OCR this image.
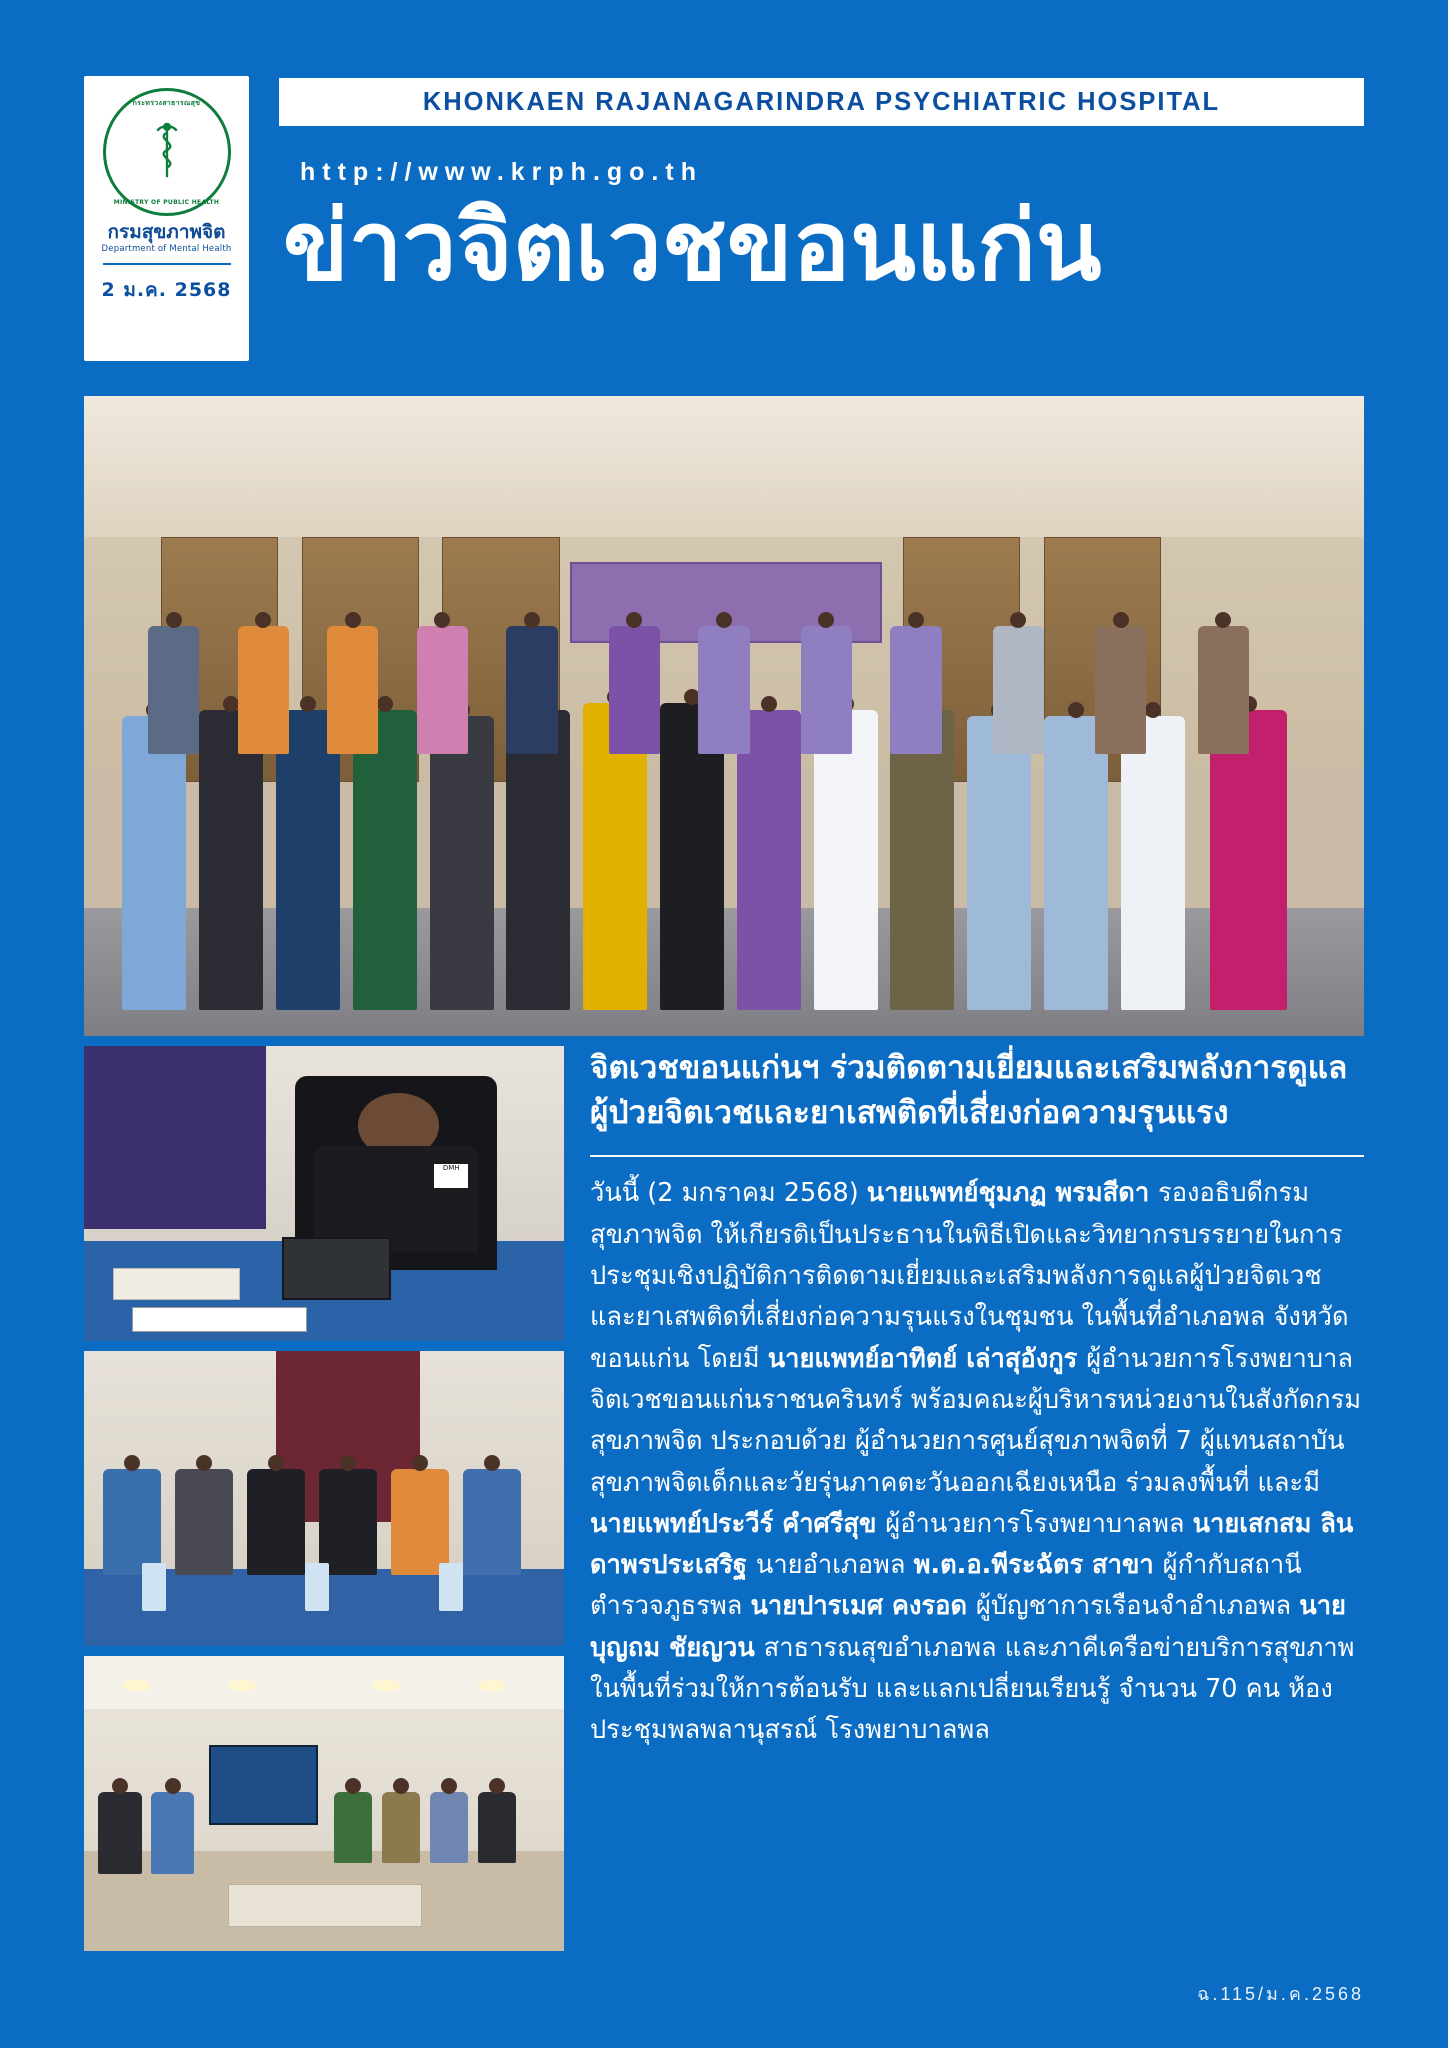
กระทรวงสาธารณสุข
MINISTRY OF PUBLIC HEALTH
กรมสุขภาพจิต
Department of Mental Health
2 ม.ค. 2568
KHONKAEN RAJANAGARINDRA PSYCHIATRIC HOSPITAL
http://www.krph.go.th
ข่าวจิตเวชขอนแก่น
DMH
จิตเวชขอนแก่นฯ ร่วมติดตามเยี่ยมและเสริมพลังการดูแลผู้ป่วยจิตเวชและยาเสพติดที่เสี่ยงก่อความรุนแรง
วันนี้ (2 มกราคม 2568) นายแพทย์ชุมภฏ พรมสีดา รองอธิบดีกรมสุขภาพจิต ให้เกียรติเป็นประธานในพิธีเปิดและวิทยากรบรรยายในการประชุมเชิงปฏิบัติการติดตามเยี่ยมและเสริมพลังการดูแลผู้ป่วยจิตเวชและยาเสพติดที่เสี่ยงก่อความรุนแรงในชุมชน ในพื้นที่อำเภอพล จังหวัดขอนแก่น โดยมี นายแพทย์อาทิตย์ เล่าสุอังกูร ผู้อำนวยการโรงพยาบาลจิตเวชขอนแก่นราชนครินทร์ พร้อมคณะผู้บริหารหน่วยงานในสังกัดกรมสุขภาพจิต ประกอบด้วย ผู้อำนวยการศูนย์สุขภาพจิตที่ 7 ผู้แทนสถาบันสุขภาพจิตเด็กและวัยรุ่นภาคตะวันออกเฉียงเหนือ ร่วมลงพื้นที่ และมี นายแพทย์ประวีร์ คำศรีสุข ผู้อำนวยการโรงพยาบาลพล นายเสกสม ลินดาพรประเสริฐ นายอำเภอพล พ.ต.อ.พีระฉัตร สาขา ผู้กำกับสถานีตำรวจภูธรพล นายปารเมศ คงรอด ผู้บัญชาการเรือนจำอำเภอพล นายบุญถม ชัยญวน สาธารณสุขอำเภอพล และภาคีเครือข่ายบริการสุขภาพในพื้นที่ร่วมให้การต้อนรับ และแลกเปลี่ยนเรียนรู้ จำนวน 70 คน ห้องประชุมพลพลานุสรณ์ โรงพยาบาลพล
ฉ.115/ม.ค.2568
